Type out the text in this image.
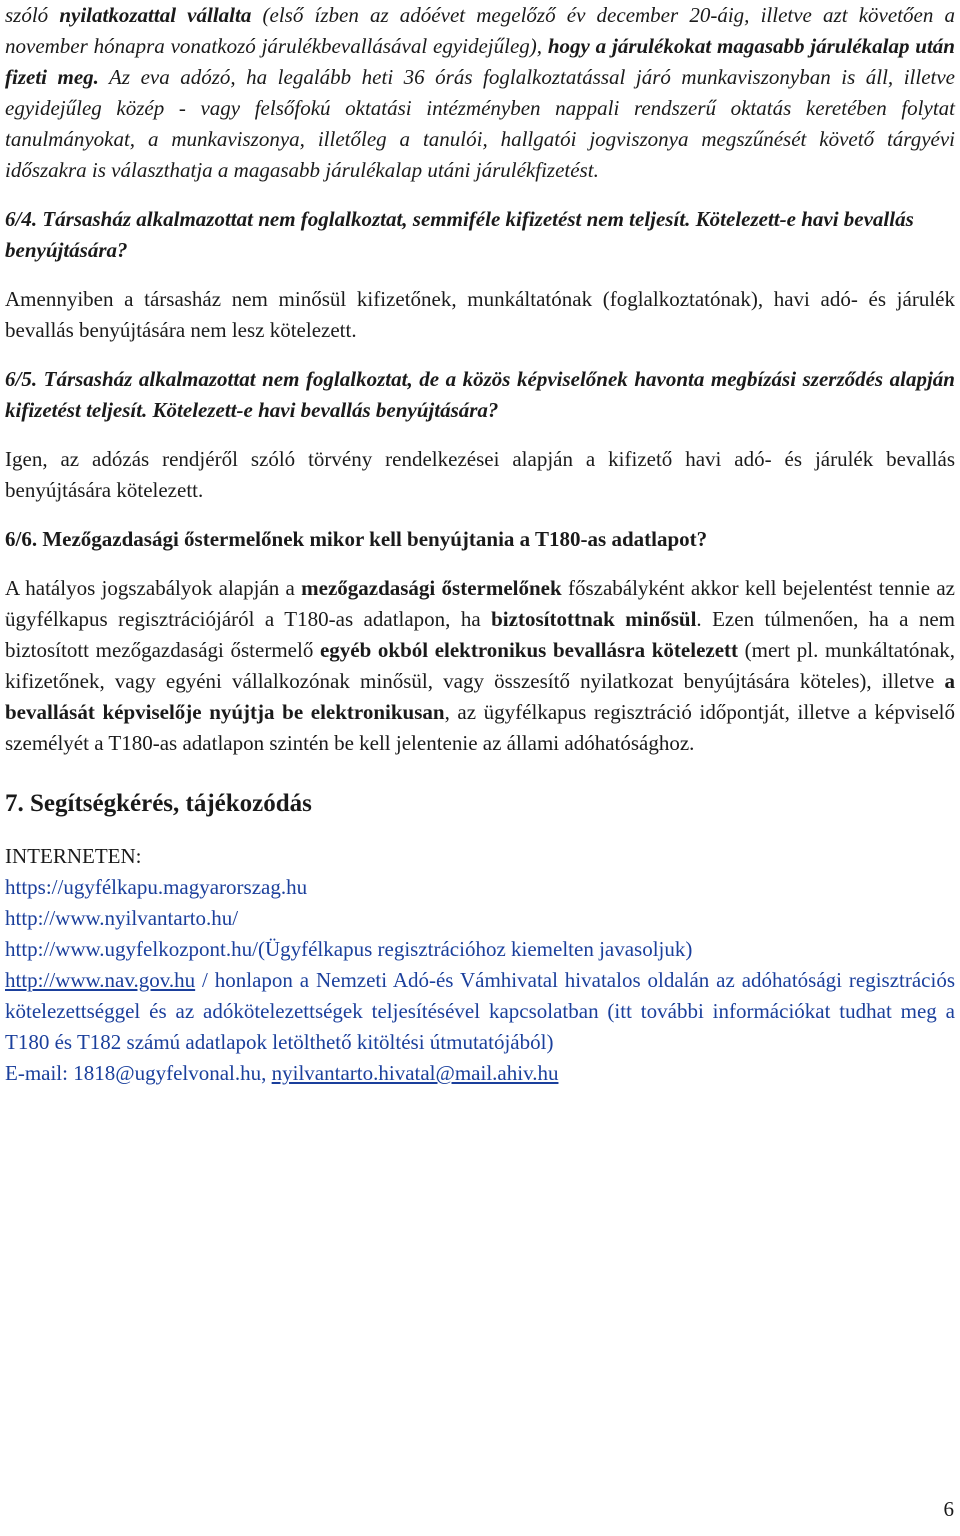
szóló nyilatkozattal vállalta (első ízben az adóévet megelőző év december 20-áig, illetve azt követően a november hónapra vonatkozó járulékbevallásával egyidejűleg), hogy a járulékokat magasabb járulékalap után fizeti meg. Az eva adózó, ha legalább heti 36 órás foglalkoztatással járó munkaviszonyban is áll, illetve egyidejűleg közép - vagy felsőfokú oktatási intézményben nappali rendszerű oktatás keretében folytat tanulmányokat, a munkaviszonya, illetőleg a tanulói, hallgatói jogviszonya megszűnését követő tárgyévi időszakra is választhatja a magasabb járulékalap utáni járulékfizetést.

6/4. Társasház alkalmazottat nem foglalkoztat, semmiféle kifizetést nem teljesít. Kötelezett-e havi bevallás benyújtására?

Amennyiben a társasház nem minősül kifizetőnek, munkáltatónak (foglalkoztatónak), havi adó- és járulék bevallás benyújtására nem lesz kötelezett.

6/5. Társasház alkalmazottat nem foglalkoztat, de a közös képviselőnek havonta megbízási szerződés alapján kifizetést teljesít. Kötelezett-e havi bevallás benyújtására?

Igen, az adózás rendjéről szóló törvény rendelkezései alapján a kifizető havi adó- és járulék bevallás benyújtására kötelezett.

6/6. Mezőgazdasági őstermelőnek mikor kell benyújtania a T180-as adatlapot?

A hatályos jogszabályok alapján a mezőgazdasági őstermelőnek főszabályként akkor kell bejelentést tennie az ügyfélkapus regisztrációjáról a T180-as adatlapon, ha biztosítottnak minősül. Ezen túlmenően, ha a nem biztosított mezőgazdasági őstermelő egyéb okból elektronikus bevallásra kötelezett (mert pl. munkáltatónak, kifizetőnek, vagy egyéni vállalkozónak minősül, vagy összesítő nyilatkozat benyújtására köteles), illetve a bevallását képviselője nyújtja be elektronikusan, az ügyfélkapus regisztráció időpontját, illetve a képviselő személyét a T180-as adatlapon szintén be kell jelentenie az állami adóhatósághoz.

7. Segítségkérés, tájékozódás

INTERNETEN:

https://ugyfélkapu.magyarorszag.hu

http://www.nyilvantarto.hu/

http://www.ugyfelkozpont.hu/(Ügyfélkapus regisztrációhoz kiemelten javasoljuk)

http://www.nav.gov.hu / honlapon a Nemzeti Adó-és Vámhivatal hivatalos oldalán az adóhatósági regisztrációs kötelezettséggel és az adókötelezettségek teljesítésével kapcsolatban (itt további információkat tudhat meg a T180 és T182 számú adatlapok letölthető kitöltési útmutatójából)

E-mail: 1818@ugyfelvonal.hu, nyilvantarto.hivatal@mail.ahiv.hu

6
